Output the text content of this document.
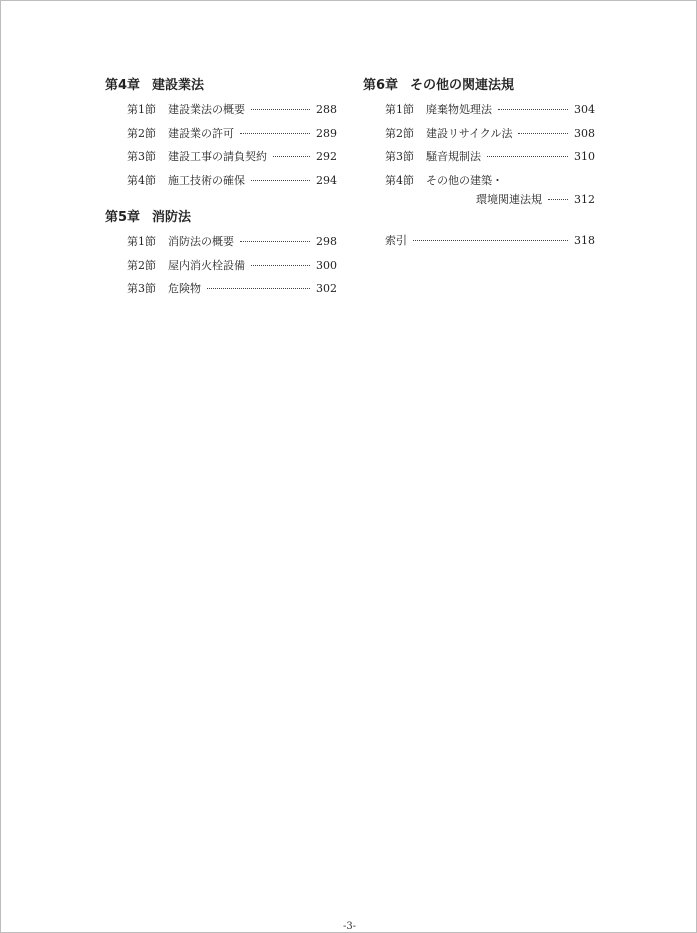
第4章 建設業法
第1節	建設業法の概要	288
第2節	建設業の許可	289
第3節	建設工事の請負契約	292
第4節	施工技術の確保	294
第5章 消防法
第1節	消防法の概要	298
第2節	屋内消火栓設備	300
第3節	危険物	302
第6章 その他の関連法規
第1節	廃棄物処理法	304
第2節	建設リサイクル法	308
第3節	騒音規制法	310
第4節	その他の建築・
環境関連法規	312
索引	318
-3-
